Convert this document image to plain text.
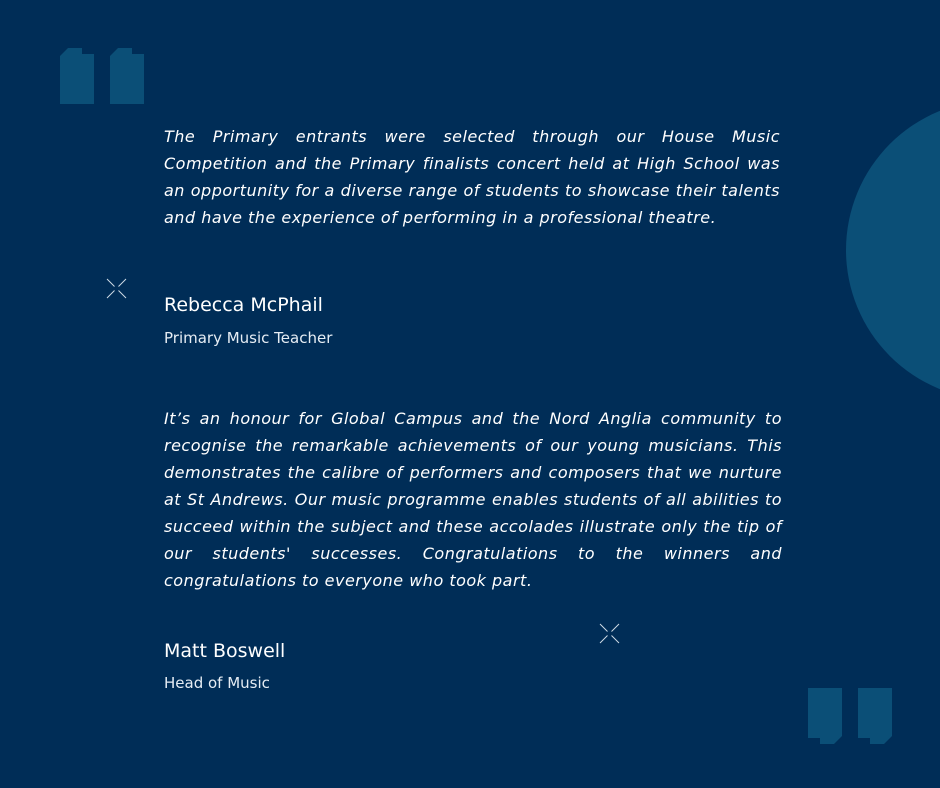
The Primary entrants were selected through our House Music Competition and the Primary finalists concert held at High School was an opportunity for a diverse range of students to showcase their talents and have the experience of performing in a professional theatre.

Rebecca McPhail

Primary Music Teacher

It’s an honour for Global Campus and the Nord Anglia community to recognise the remarkable achievements of our young musicians. This demonstrates the calibre of performers and composers that we nurture at St Andrews. Our music programme enables students of all abilities to succeed within the subject and these accolades illustrate only the tip of our students' successes. Congratulations to the winners and congratulations to everyone who took part.

Matt Boswell

Head of Music
